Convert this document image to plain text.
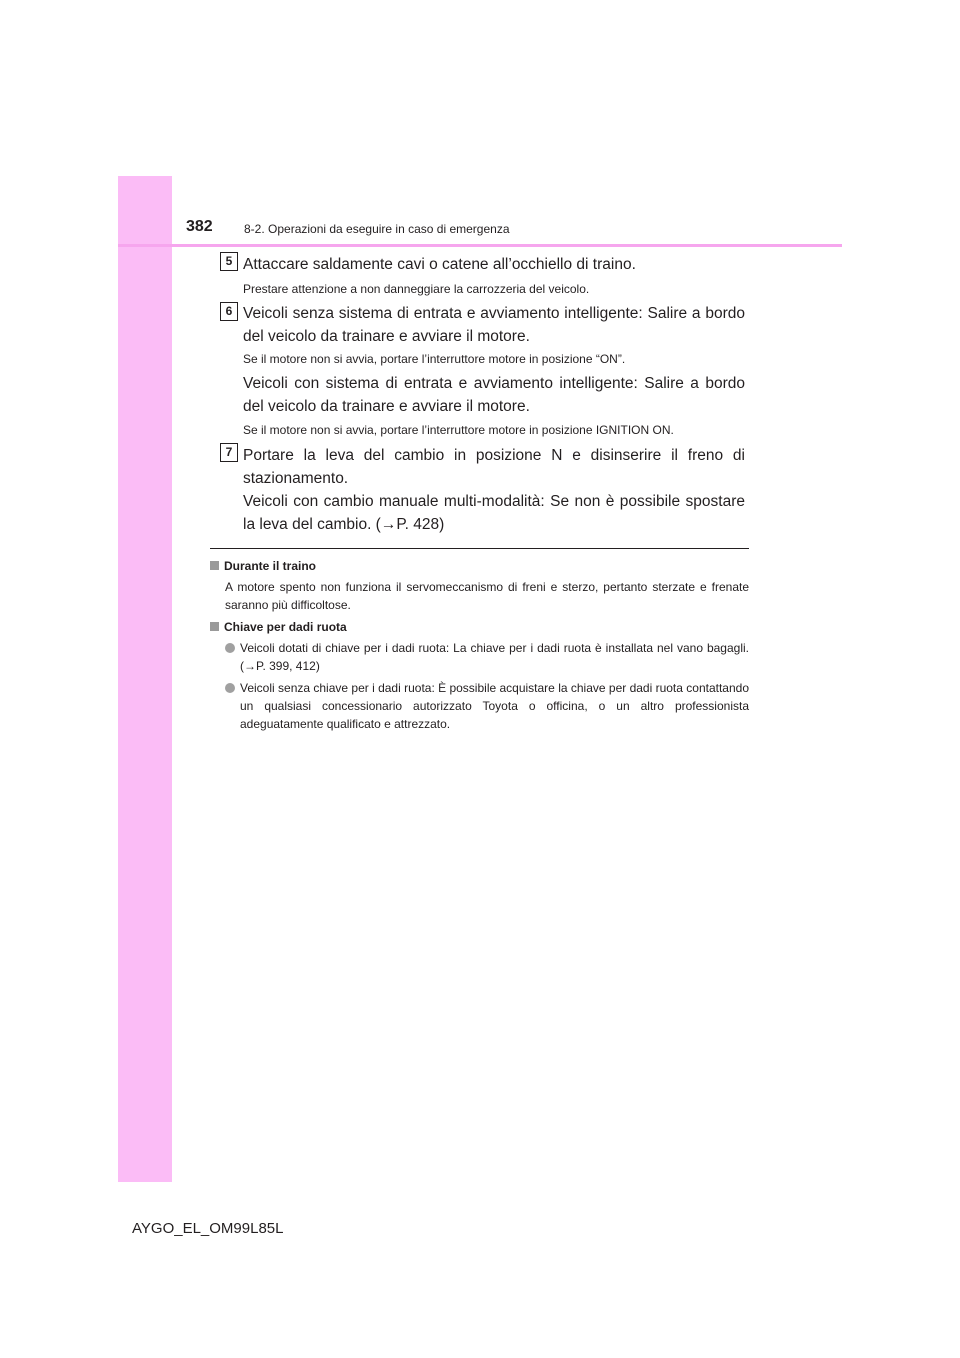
382	8-2. Operazioni da eseguire in caso di emergenza
5 Attaccare saldamente cavi o catene all’occhiello di traino.

Prestare attenzione a non danneggiare la carrozzeria del veicolo.

6 Veicoli senza sistema di entrata e avviamento intelligente: Salire a bordo del veicolo da trainare e avviare il motore.

Se il motore non si avvia, portare l’interruttore motore in posizione “ON”.

Veicoli con sistema di entrata e avviamento intelligente: Salire a bordo del veicolo da trainare e avviare il motore.

Se il motore non si avvia, portare l’interruttore motore in posizione IGNITION ON.

7 Portare la leva del cambio in posizione N e disinserire il freno di stazionamento.

Veicoli con cambio manuale multi-modalità: Se non è possibile spostare la leva del cambio. (→P. 428)

Durante il traino

A motore spento non funziona il servomeccanismo di freni e sterzo, pertanto sterzate e frenate saranno più difficoltose.

Chiave per dadi ruota
Veicoli dotati di chiave per i dadi ruota: La chiave per i dadi ruota è installata nel vano bagagli. (→P. 399, 412)
Veicoli senza chiave per i dadi ruota: È possibile acquistare la chiave per dadi ruota contattando un qualsiasi concessionario autorizzato Toyota o officina, o un altro professionista adeguatamente qualificato e attrezzato.
AYGO_EL_OM99L85L
